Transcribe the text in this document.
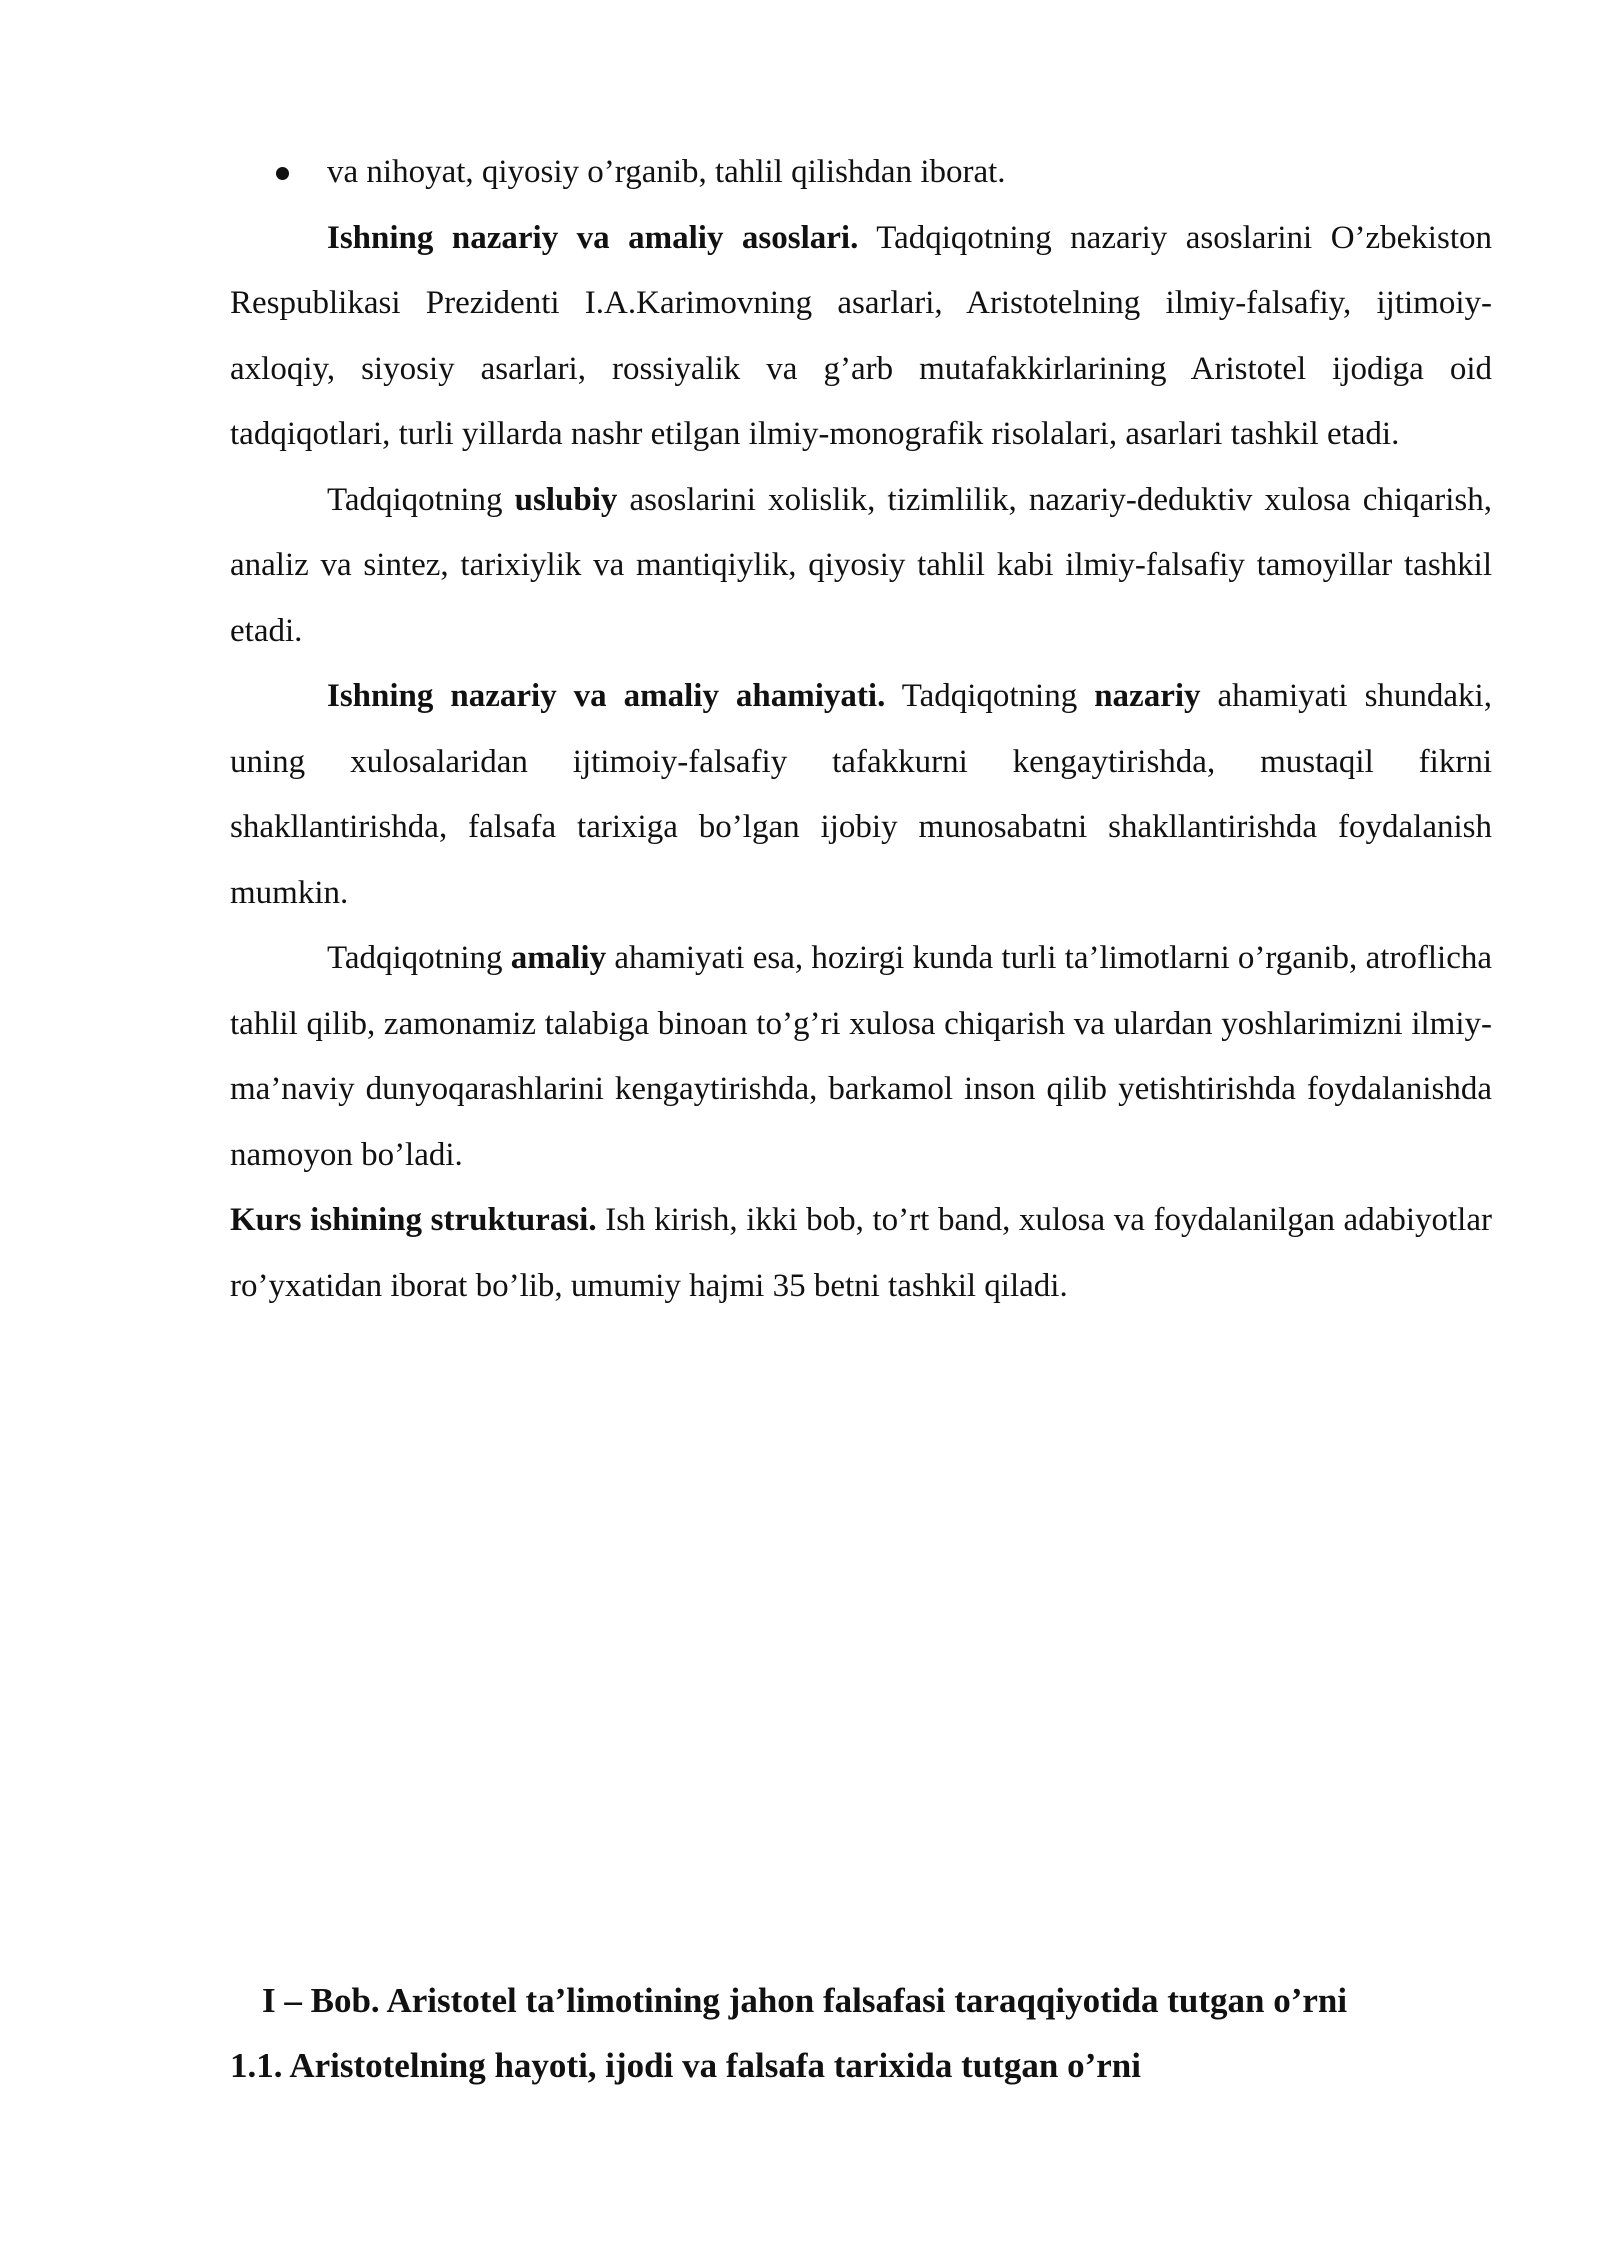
va nihoyat, qiyosiy o’rganib, tahlil qilishdan iborat.

Ishning nazariy va amaliy asoslari. Tadqiqotning nazariy asoslarini O’zbekiston Respublikasi Prezidenti I.A.Karimovning asarlari, Aristotelning ilmiy-falsafiy, ijtimoiy-axloqiy, siyosiy asarlari, rossiyalik va g’arb mutafakkirlarining Aristotel ijodiga oid tadqiqotlari, turli yillarda nashr etilgan ilmiy-monografik risolalari, asarlari tashkil etadi.

Tadqiqotning uslubiy asoslarini xolislik, tizimlilik, nazariy-deduktiv xulosa chiqarish, analiz va sintez, tarixiylik va mantiqiylik, qiyosiy tahlil kabi ilmiy-falsafiy tamoyillar tashkil etadi.

Ishning nazariy va amaliy ahamiyati. Tadqiqotning nazariy ahamiyati shundaki, uning xulosalaridan ijtimoiy-falsafiy tafakkurni kengaytirishda, mustaqil fikrni shakllantirishda, falsafa tarixiga bo’lgan ijobiy munosabatni shakllantirishda foydalanish mumkin.

Tadqiqotning amaliy ahamiyati esa, hozirgi kunda turli ta’limotlarni o’rganib, atroflicha tahlil qilib, zamonamiz talabiga binoan to’g’ri xulosa chiqarish va ulardan yoshlarimizni ilmiy-ma’naviy dunyoqarashlarini kengaytirishda, barkamol inson qilib yetishtirishda foydalanishda namoyon bo’ladi.

Kurs ishining strukturasi. Ish kirish, ikki bob, to’rt band, xulosa va foydalanilgan adabiyotlar ro’yxatidan iborat bo’lib, umumiy hajmi 35 betni tashkil qiladi.

I – Bob. Aristotel ta’limotining jahon falsafasi taraqqiyotida tutgan o’rni

1.1. Aristotelning hayoti, ijodi va falsafa tarixida tutgan o’rni
